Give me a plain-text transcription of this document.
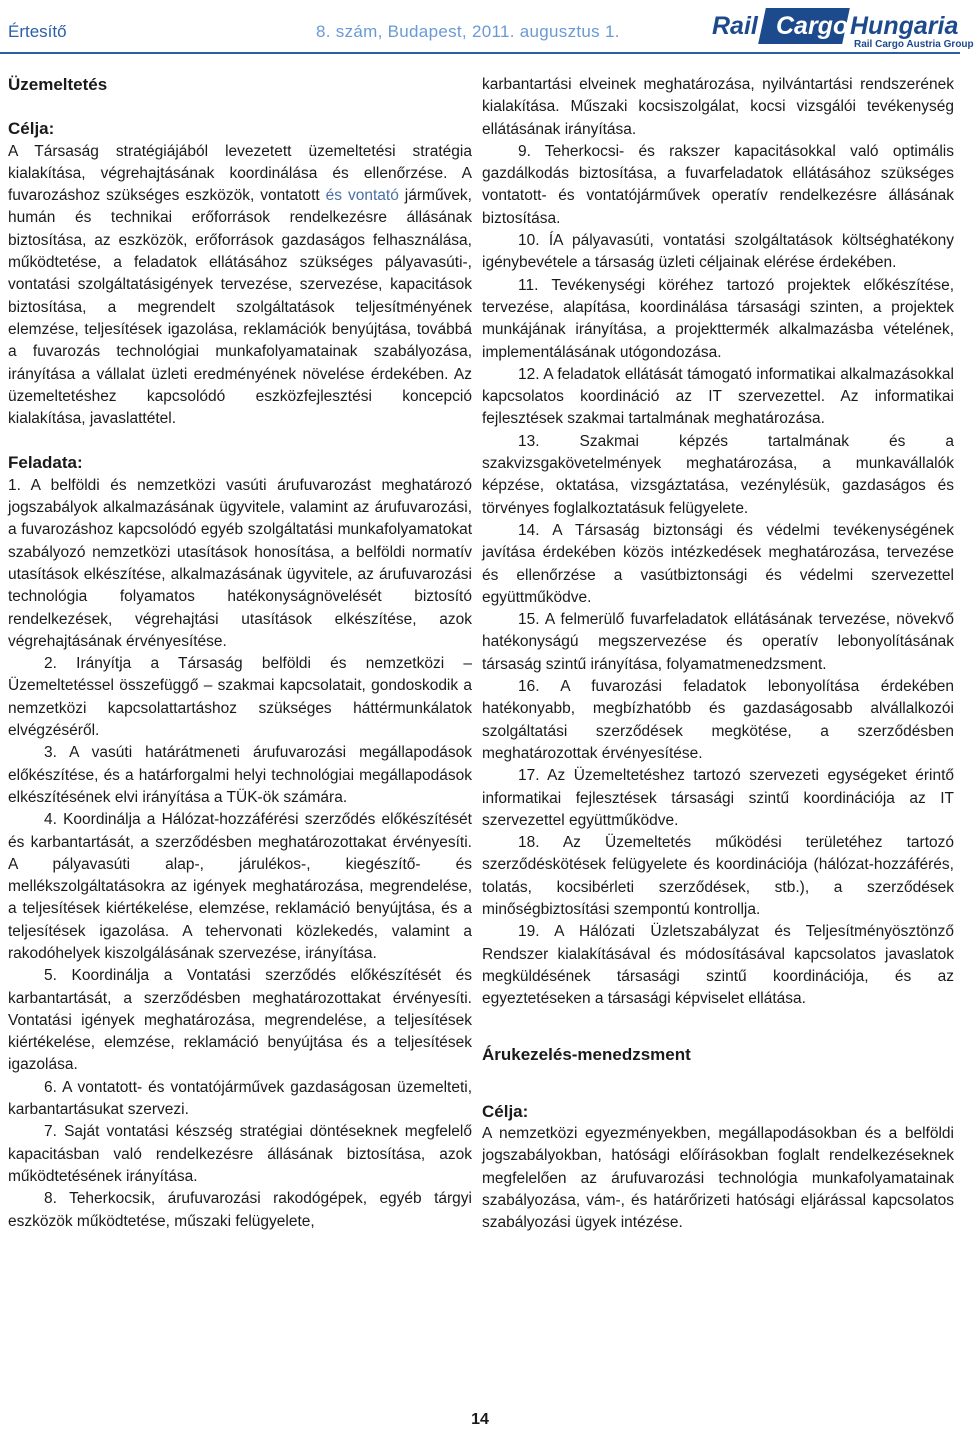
Értesítő	8. szám, Budapest, 2011. augusztus 1.	Rail Cargo Hungaria
Rail Cargo Austria Group

Üzemeltetés

Célja:

A Társaság stratégiájából levezetett üzemeltetési stratégia kialakítása, végrehajtásának koordinálása és ellenőrzése. A fuvarozáshoz szükséges eszközök, vontatott és vontató járművek, humán és technikai erőforrások rendelkezésre állásának biztosítása, az eszközök, erőforrások gazdaságos felhasználása, működtetése, a feladatok ellátásához szükséges pályavasúti-, vontatási szolgáltatásigények tervezése, szervezése, kapacitások biztosítása, a megrendelt szolgáltatások teljesítményének elemzése, teljesítések igazolása, reklamációk benyújtása, továbbá a fuvarozás technológiai munkafolyamatainak szabályozása, irányítása a vállalat üzleti eredményének növelése érdekében. Az üzemeltetéshez kapcsolódó eszközfejlesztési koncepció kialakítása, javaslattétel.

Feladata:

1. A belföldi és nemzetközi vasúti árufuvarozást meghatározó jogszabályok alkalmazásának ügyvitele, valamint az árufuvarozási, a fuvarozáshoz kapcsolódó egyéb szolgáltatási munkafolyamatokat szabályozó nemzetközi utasítások honosítása, a belföldi normatív utasítások elkészítése, alkalmazásának ügyvitele, az árufuvarozási technológia folyamatos hatékonyságnövelését biztosító rendelkezések, végrehajtási utasítások elkészítése, azok végrehajtásának érvényesítése.

2. Irányítja a Társaság belföldi és nemzetközi – Üzemeltetéssel összefüggő – szakmai kapcsolatait, gondoskodik a nemzetközi kapcsolattartáshoz szükséges háttérmunkálatok elvégzéséről.

3. A vasúti határátmeneti árufuvarozási megállapodások előkészítése, és a határforgalmi helyi technológiai megállapodások elkészítésének elvi irányítása a TÜK-ök számára.

4. Koordinálja a Hálózat-hozzáférési szerződés előkészítését és karbantartását, a szerződésben meghatározottakat érvényesíti. A pályavasúti alap-, járulékos-, kiegészítő- és mellékszolgáltatásokra az igények meghatározása, megrendelése, a teljesítések kiértékelése, elemzése, reklamáció benyújtása, és a teljesítések igazolása. A tehervonati közlekedés, valamint a rakodóhelyek kiszolgálásának szervezése, irányítása.

5. Koordinálja a Vontatási szerződés előkészítését és karbantartását, a szerződésben meghatározottakat érvényesíti. Vontatási igények meghatározása, megrendelése, a teljesítések kiértékelése, elemzése, reklamáció benyújtása és a teljesítések igazolása.

6. A vontatott- és vontatójárművek gazdaságosan üzemelteti, karbantartásukat szervezi.

7. Saját vontatási készség stratégiai döntéseknek megfelelő kapacitásban való rendelkezésre állásának biztosítása, azok működtetésének irányítása.

8. Teherkocsik, árufuvarozási rakodógépek, egyéb tárgyi eszközök működtetése, műszaki felügyelete,

karbantartási elveinek meghatározása, nyilvántartási rendszerének kialakítása. Műszaki kocsiszolgálat, kocsi vizsgálói tevékenység ellátásának irányítása.

9. Teherkocsi- és rakszer kapacitásokkal való optimális gazdálkodás biztosítása, a fuvarfeladatok ellátásához szükséges vontatott- és vontatójárművek operatív rendelkezésre állásának biztosítása.

10. ÍA pályavasúti, vontatási szolgáltatások költséghatékony igénybevétele a társaság üzleti céljainak elérése érdekében.

11. Tevékenységi köréhez tartozó projektek előkészítése, tervezése, alapítása, koordinálása társasági szinten, a projektek munkájának irányítása, a projekttermék alkalmazásba vételének, implementálásának utógondozása.

12. A feladatok ellátását támogató informatikai alkalmazásokkal kapcsolatos koordináció az IT szervezettel. Az informatikai fejlesztések szakmai tartalmának meghatározása.

13. Szakmai képzés tartalmának és a szakvizsgakövetelmények meghatározása, a munkavállalók képzése, oktatása, vizsgáztatása, vezénylésük, gazdaságos és törvényes foglalkoztatásuk felügyelete.

14. A Társaság biztonsági és védelmi tevékenységének javítása érdekében közös intézkedések meghatározása, tervezése és ellenőrzése a vasútbiztonsági és védelmi szervezettel együttműködve.

15. A felmerülő fuvarfeladatok ellátásának tervezése, növekvő hatékonyságú megszervezése és operatív lebonyolításának társaság szintű irányítása, folyamatmenedzsment.

16. A fuvarozási feladatok lebonyolítása érdekében hatékonyabb, megbízhatóbb és gazdaságosabb alvállalkozói szolgáltatási szerződések megkötése, a szerződésben meghatározottak érvényesítése.

17. Az Üzemeltetéshez tartozó szervezeti egységeket érintő informatikai fejlesztések társasági szintű koordinációja az IT szervezettel együttműködve.

18. Az Üzemeltetés működési területéhez tartozó szerződéskötések felügyelete és koordinációja (hálózat-hozzáférés, tolatás, kocsibérleti szerződések, stb.), a szerződések minőségbiztosítási szempontú kontrollja.

19. A Hálózati Üzletszabályzat és Teljesítményösztönző Rendszer kialakításával és módosításával kapcsolatos javaslatok megküldésének társasági szintű koordinációja, és az egyeztetéseken a társasági képviselet ellátása.

Árukezelés-menedzsment

Célja:

A nemzetközi egyezményekben, megállapodásokban és a belföldi jogszabályokban, hatósági előírásokban foglalt rendelkezéseknek megfelelően az árufuvarozási technológia munkafolyamatainak szabályozása, vám-, és határőrizeti hatósági eljárással kapcsolatos szabályozási ügyek intézése.

14
